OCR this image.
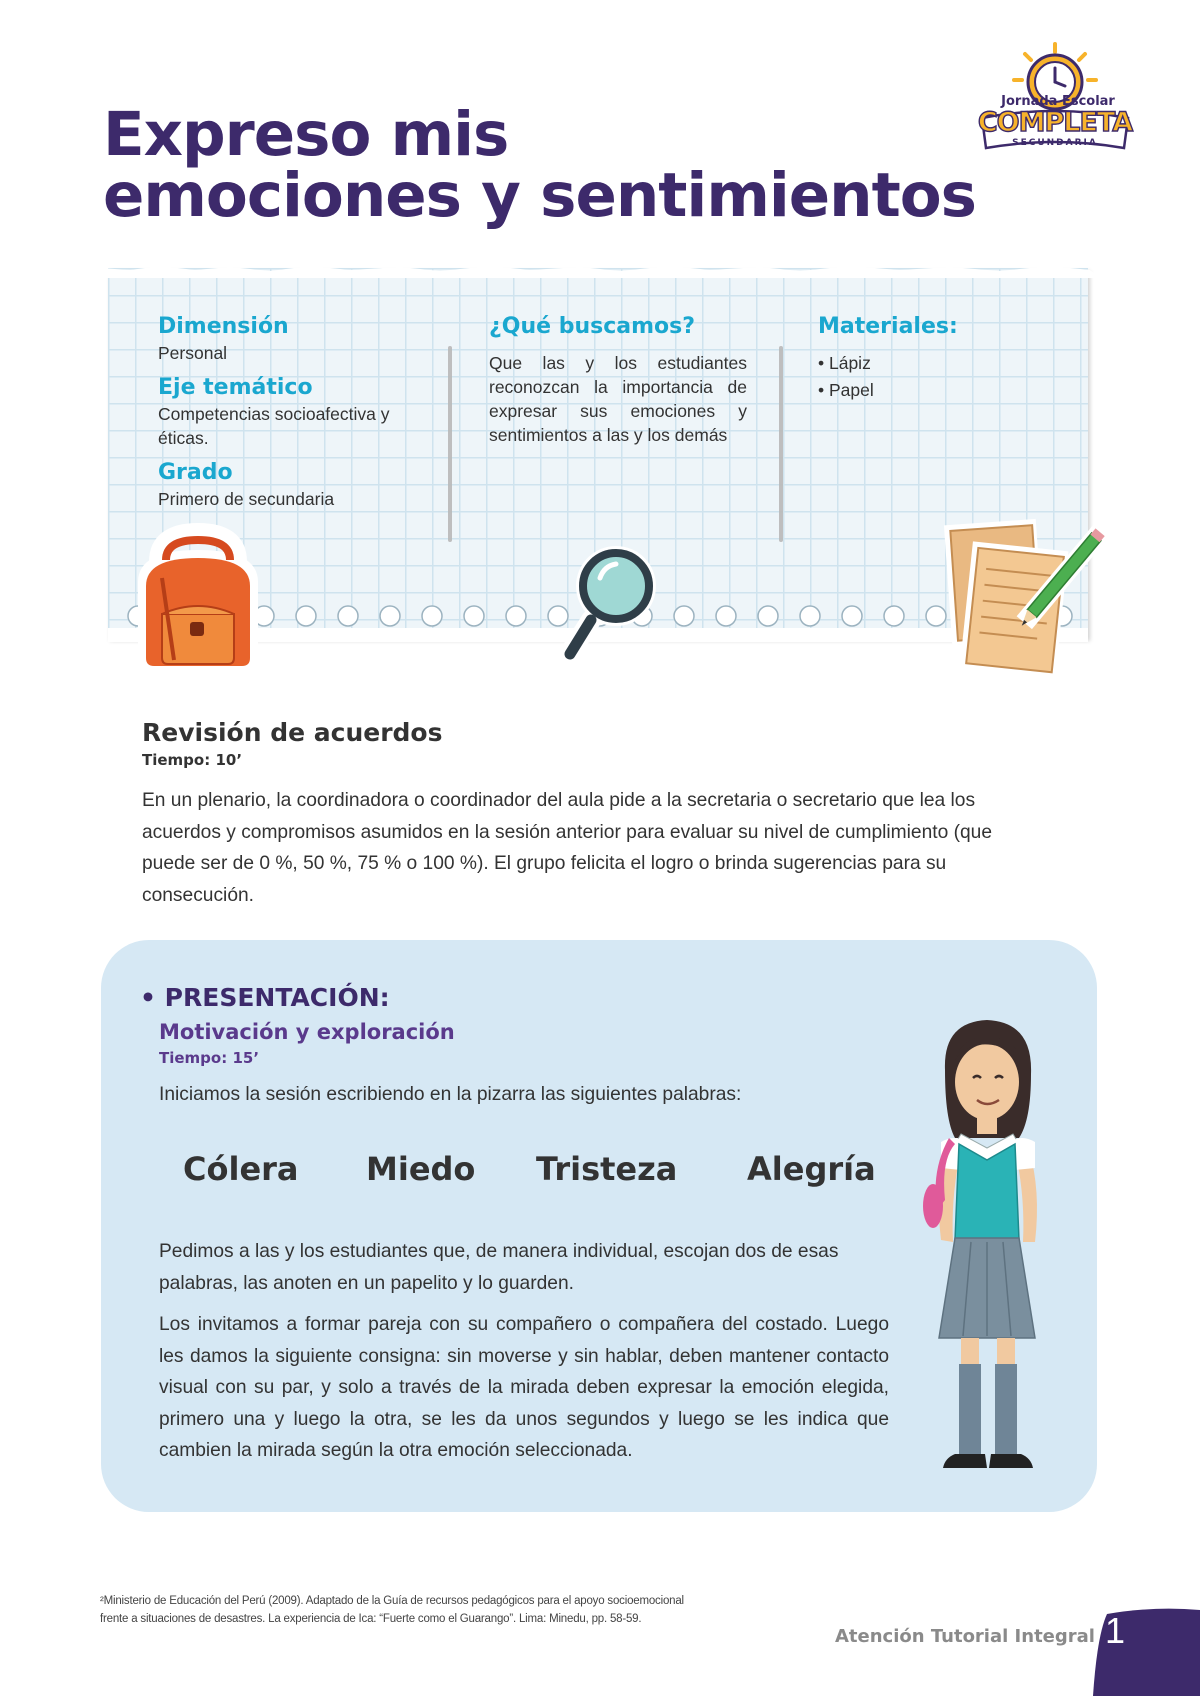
Expreso mis
emociones y sentimientos
Jornada Escolar
COMPLETA
SECUNDARIA
Dimensión
Personal
Eje temático
Competencias socioafectiva y éticas.
Grado
Primero de secundaria
¿Qué buscamos?
Que las y los estudiantes reconozcan la importancia de expresar sus emociones y sentimientos a las y los demás
Materiales:
• Lápiz
• Papel
Revisión de acuerdos
Tiempo: 10’
En un plenario, la coordinadora o coordinador del aula pide a la secretaria o secretario que lea los acuerdos y compromisos asumidos en la sesión anterior para evaluar su nivel de cumplimiento (que puede ser de 0 %, 50 %, 75 % o 100 %). El grupo felicita el logro o brinda sugerencias para su consecución.
• PRESENTACIÓN:
Motivación y exploración
Tiempo: 15’
Iniciamos la sesión escribiendo en la pizarra las siguientes palabras:
Cólera Miedo Tristeza Alegría
Pedimos a las y los estudiantes que, de manera individual, escojan dos de esas palabras, las anoten en un papelito y lo guarden.
Los invitamos a formar pareja con su compañero o compañera del costado. Luego les damos la siguiente consigna: sin moverse y sin hablar, deben mantener contacto visual con su par, y solo a través de la mirada deben expresar la emoción elegida, primero una y luego la otra, se les da unos segundos y luego se les indica que cambien la mirada según la otra emoción seleccionada.
²Ministerio de Educación del Perú (2009). Adaptado de la Guía de recursos pedagógicos para el apoyo socioemocional
frente a situaciones de desastres. La experiencia de Ica: “Fuerte como el Guarango”. Lima: Minedu, pp. 58-59.
Atención Tutorial Integral 1
